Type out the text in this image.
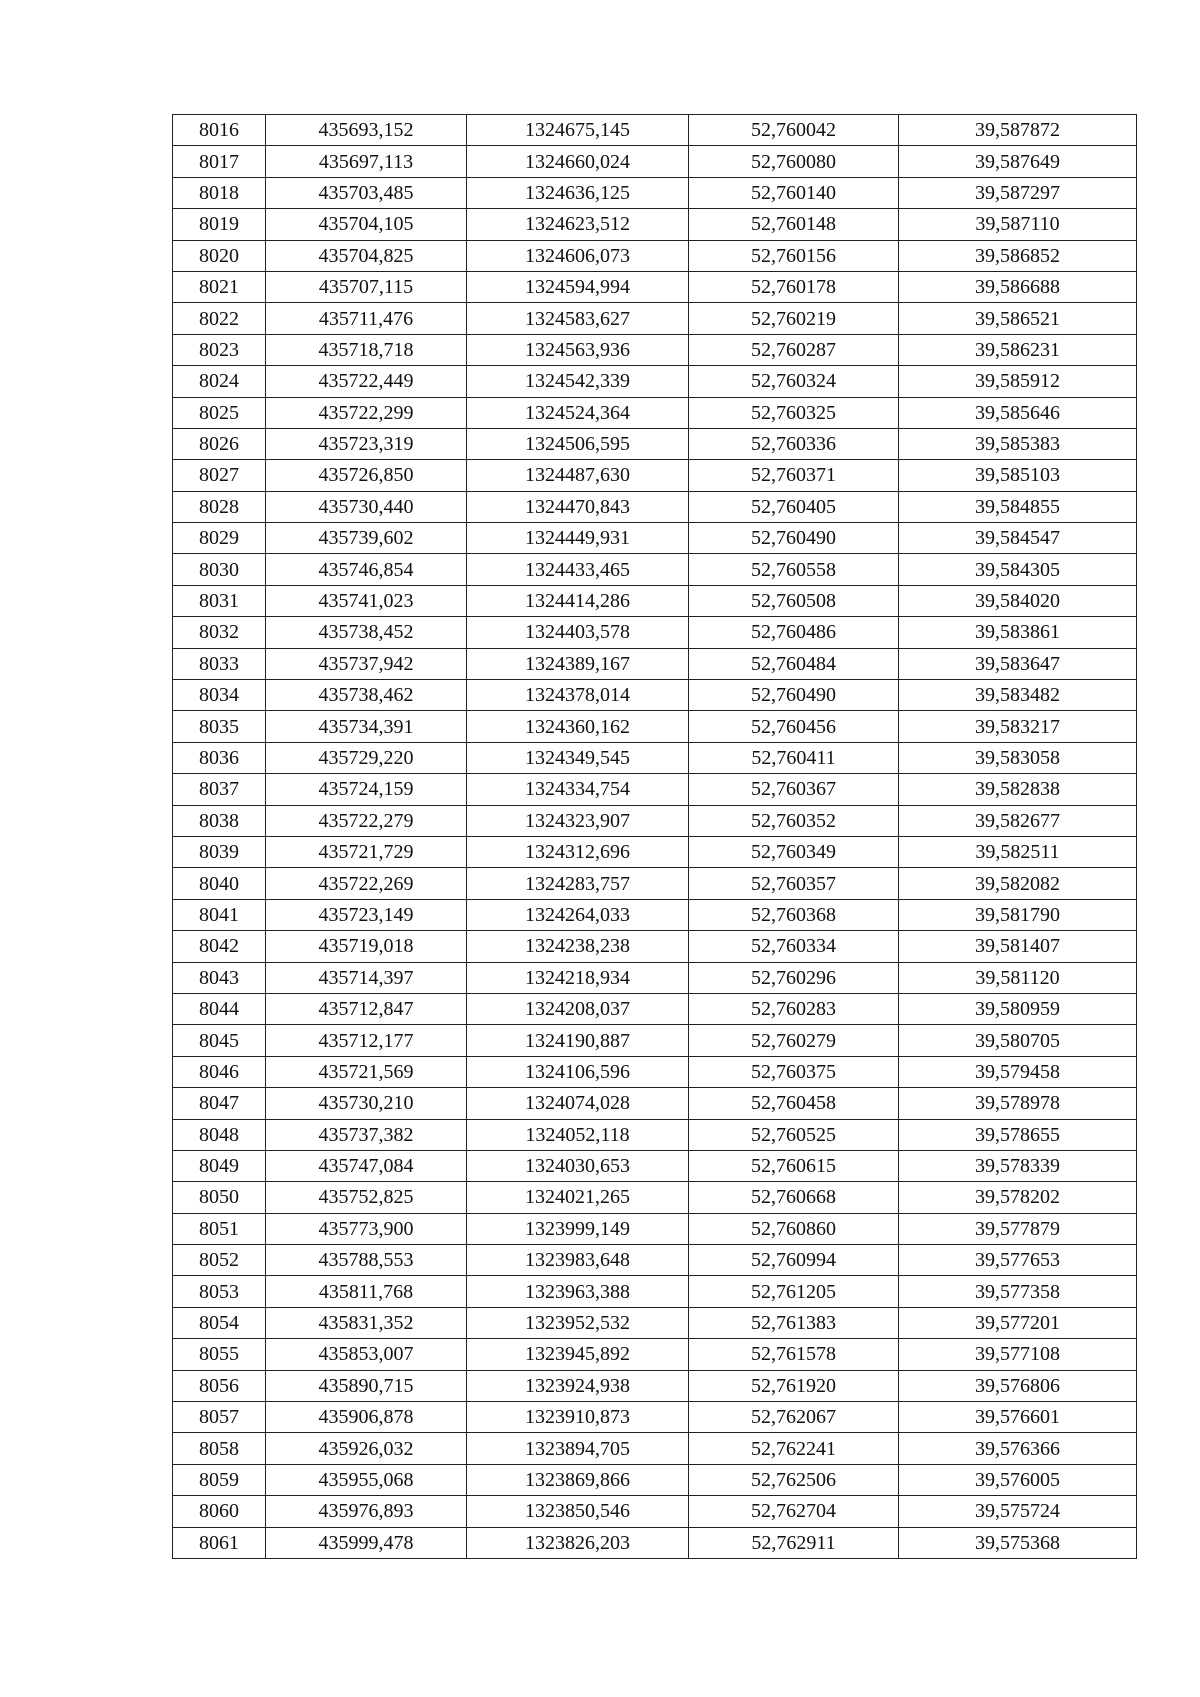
8016	435693,152	1324675,145	52,760042	39,587872
8017	435697,113	1324660,024	52,760080	39,587649
8018	435703,485	1324636,125	52,760140	39,587297
8019	435704,105	1324623,512	52,760148	39,587110
8020	435704,825	1324606,073	52,760156	39,586852
8021	435707,115	1324594,994	52,760178	39,586688
8022	435711,476	1324583,627	52,760219	39,586521
8023	435718,718	1324563,936	52,760287	39,586231
8024	435722,449	1324542,339	52,760324	39,585912
8025	435722,299	1324524,364	52,760325	39,585646
8026	435723,319	1324506,595	52,760336	39,585383
8027	435726,850	1324487,630	52,760371	39,585103
8028	435730,440	1324470,843	52,760405	39,584855
8029	435739,602	1324449,931	52,760490	39,584547
8030	435746,854	1324433,465	52,760558	39,584305
8031	435741,023	1324414,286	52,760508	39,584020
8032	435738,452	1324403,578	52,760486	39,583861
8033	435737,942	1324389,167	52,760484	39,583647
8034	435738,462	1324378,014	52,760490	39,583482
8035	435734,391	1324360,162	52,760456	39,583217
8036	435729,220	1324349,545	52,760411	39,583058
8037	435724,159	1324334,754	52,760367	39,582838
8038	435722,279	1324323,907	52,760352	39,582677
8039	435721,729	1324312,696	52,760349	39,582511
8040	435722,269	1324283,757	52,760357	39,582082
8041	435723,149	1324264,033	52,760368	39,581790
8042	435719,018	1324238,238	52,760334	39,581407
8043	435714,397	1324218,934	52,760296	39,581120
8044	435712,847	1324208,037	52,760283	39,580959
8045	435712,177	1324190,887	52,760279	39,580705
8046	435721,569	1324106,596	52,760375	39,579458
8047	435730,210	1324074,028	52,760458	39,578978
8048	435737,382	1324052,118	52,760525	39,578655
8049	435747,084	1324030,653	52,760615	39,578339
8050	435752,825	1324021,265	52,760668	39,578202
8051	435773,900	1323999,149	52,760860	39,577879
8052	435788,553	1323983,648	52,760994	39,577653
8053	435811,768	1323963,388	52,761205	39,577358
8054	435831,352	1323952,532	52,761383	39,577201
8055	435853,007	1323945,892	52,761578	39,577108
8056	435890,715	1323924,938	52,761920	39,576806
8057	435906,878	1323910,873	52,762067	39,576601
8058	435926,032	1323894,705	52,762241	39,576366
8059	435955,068	1323869,866	52,762506	39,576005
8060	435976,893	1323850,546	52,762704	39,575724
8061	435999,478	1323826,203	52,762911	39,575368
